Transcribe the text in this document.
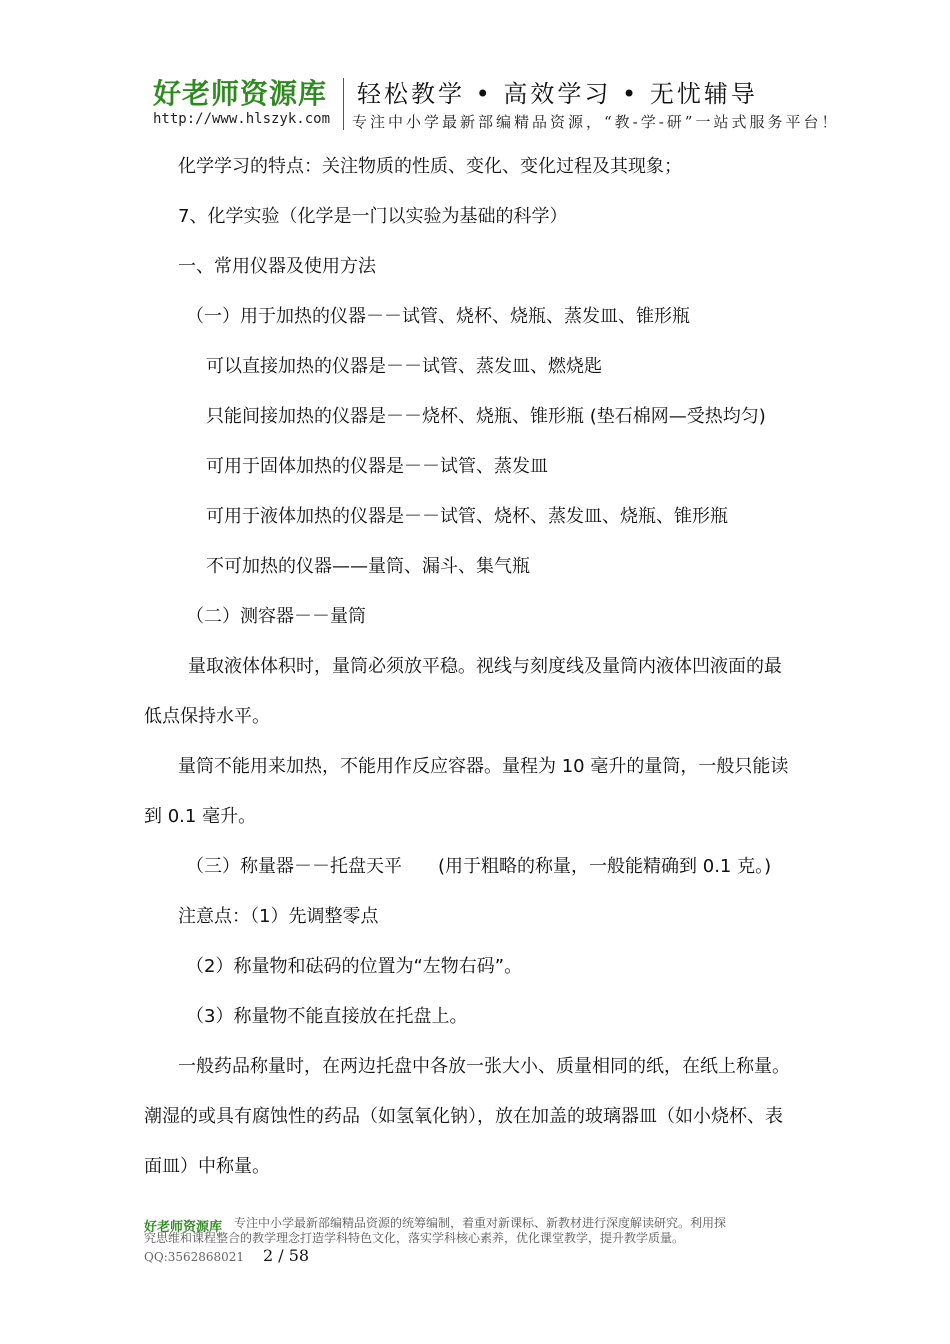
好老师资源库 轻松教学 • 高效学习 • 无忧辅导
http://www.hlszyk.com 专注中小学最新部编精品资源，“教-学-研”一站式服务平台！
化学学习的特点：关注物质的性质、变化、变化过程及其现象；
7、化学实验（化学是一门以实验为基础的科学）
一、常用仪器及使用方法
（一）用于加热的仪器－－试管、烧杯、烧瓶、蒸发皿、锥形瓶
可以直接加热的仪器是－－试管、蒸发皿、燃烧匙
只能间接加热的仪器是－－烧杯、烧瓶、锥形瓶 (垫石棉网—受热均匀)
可用于固体加热的仪器是－－试管、蒸发皿
可用于液体加热的仪器是－－试管、烧杯、蒸发皿、烧瓶、锥形瓶
不可加热的仪器——量筒、漏斗、集气瓶
（二）测容器－－量筒
量取液体体积时，量筒必须放平稳。视线与刻度线及量筒内液体凹液面的最
低点保持水平。
量筒不能用来加热，不能用作反应容器。量程为 10 毫升的量筒，一般只能读
到 0.1 毫升。
（三）称量器－－托盘天平　　(用于粗略的称量，一般能精确到 0.1 克。)
注意点：（1）先调整零点
（2）称量物和砝码的位置为“左物右码”。
（3）称量物不能直接放在托盘上。
一般药品称量时，在两边托盘中各放一张大小、质量相同的纸，在纸上称量。
潮湿的或具有腐蚀性的药品（如氢氧化钠），放在加盖的玻璃器皿（如小烧杯、表
面皿）中称量。
专注中小学最新部编精品资源的统筹编制，着重对新课标、新教材进行深度解读研究。利用探
究思维和课程整合的教学理念打造学科特色文化，落实学科核心素养，优化课堂教学，提升教学质量。
好老师资源库
QQ:3562868021 2 / 58
